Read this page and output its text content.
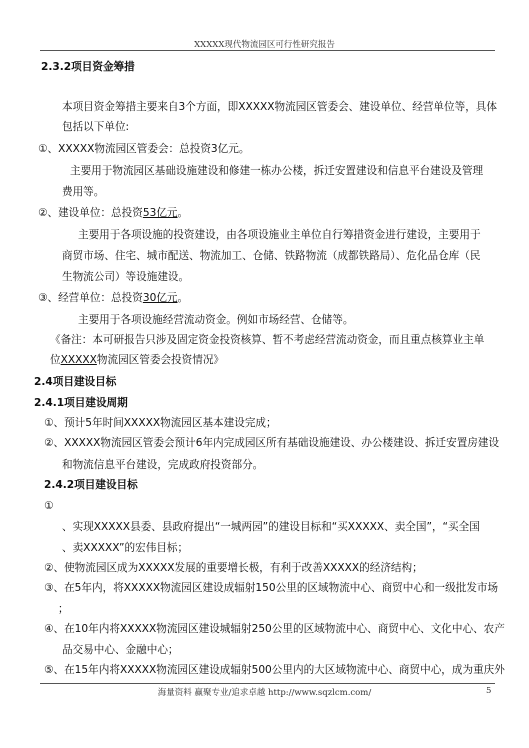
XXXXX现代物流园区可行性研究报告
2.3.2项目资金筹措
本项目资金筹措主要来自3个方面，即XXXXX物流园区管委会、建设单位、经营单位等，具体
包括以下单位:
①、XXXXX物流园区管委会：总投资3亿元。
主要用于物流园区基础设施建设和修建一栋办公楼，拆迁安置建设和信息平台建设及管理
费用等。
②、建设单位：总投资53亿元。
主要用于各项设施的投资建设，由各项设施业主单位自行筹措资金进行建设，主要用于
商贸市场、住宅、城市配送、物流加工、仓储、铁路物流（成都铁路局）、危化品仓库（民
生物流公司）等设施建设。
③、经营单位：总投资30亿元。
主要用于各项设施经营流动资金。例如市场经营、仓储等。
《备注：本可研报告只涉及固定资金投资核算、暂不考虑经营流动资金，而且重点核算业主单
位XXXXX物流园区管委会投资情况》
2.4项目建设目标
2.4.1项目建设周期
①、预计5年时间XXXXX物流园区基本建设完成；
②、XXXXX物流园区管委会预计6年内完成园区所有基础设施建设、办公楼建设、拆迁安置房建设
和物流信息平台建设，完成政府投资部分。
2.4.2项目建设目标
①
、实现XXXXX县委、县政府提出“一城两园”的建设目标和“买XXXXX、卖全国”，“买全国
、卖XXXXX”的宏伟目标；
②、使物流园区成为XXXXX发展的重要增长极，有利于改善XXXXX的经济结构；
③、在5年内，将XXXXX物流园区建设成辐射150公里的区域物流中心、商贸中心和一级批发市场
；
④、在10年内将XXXXX物流园区建设城辐射250公里的区域物流中心、商贸中心、文化中心、农产
品交易中心、金融中心；
⑤、在15年内将XXXXX物流园区建设成辐射500公里内的大区域物流中心、商贸中心，成为重庆外
海量资料 赢聚专业/追求卓越 http://www.sqzlcm.com/	5
